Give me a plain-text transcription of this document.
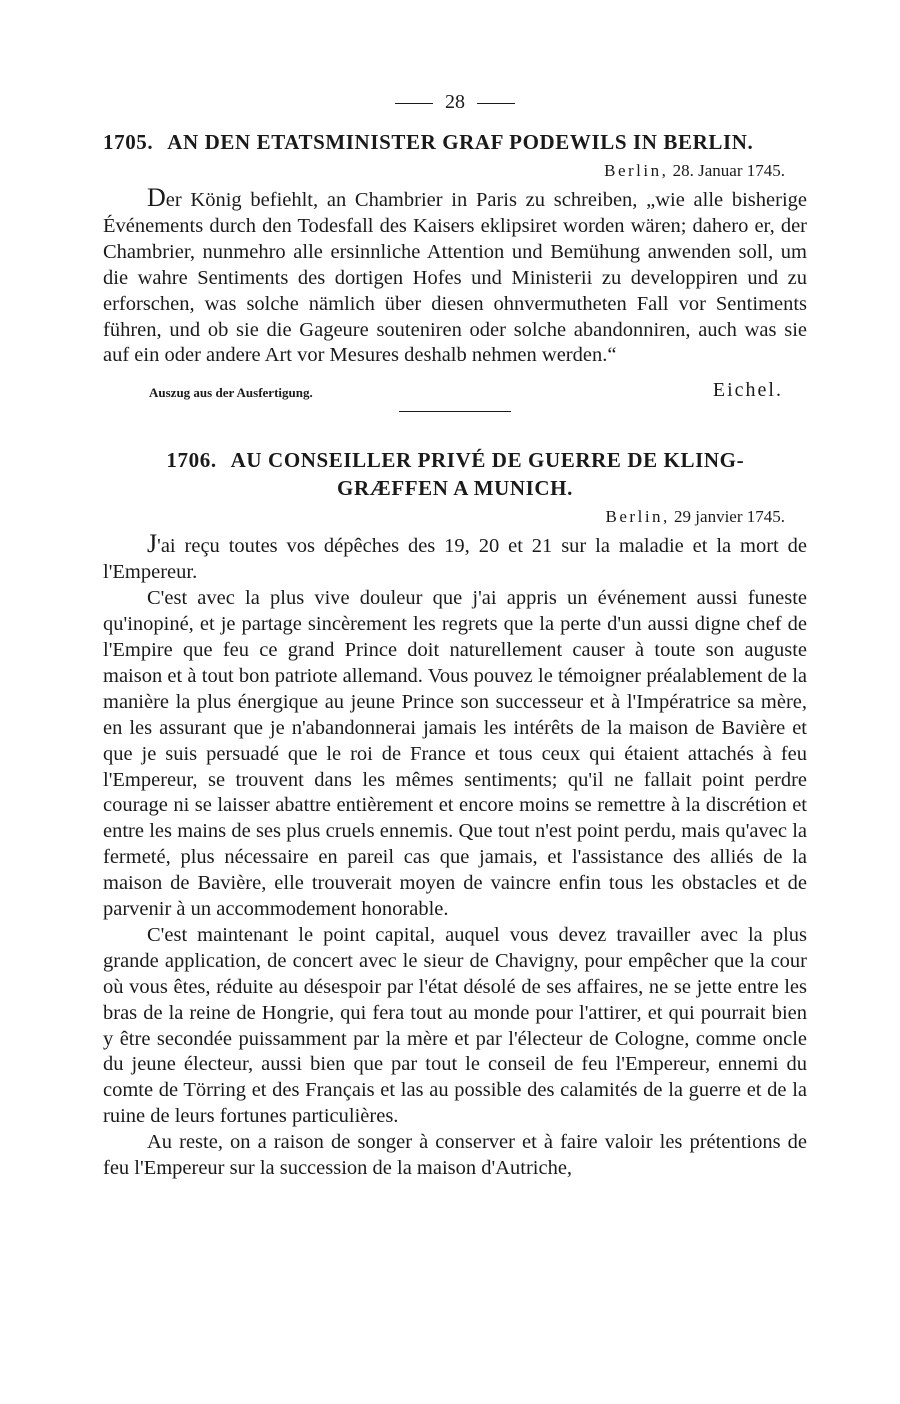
28
1705. AN DEN ETATSMINISTER GRAF PODEWILS IN BERLIN.
Berlin, 28. Januar 1745.

Der König befiehlt, an Chambrier in Paris zu schreiben, „wie alle bisherige Événements durch den Todesfall des Kaisers eklipsiret worden wären; dahero er, der Chambrier, nunmehro alle ersinnliche Attention und Bemühung anwenden soll, um die wahre Sentiments des dortigen Hofes und Ministerii zu developpiren und zu erforschen, was solche nämlich über diesen ohnvermutheten Fall vor Sentiments führen, und ob sie die Gageure souteniren oder solche abandonniren, auch was sie auf ein oder andere Art vor Mesures deshalb nehmen werden.“

Auszug aus der Ausfertigung.	Eichel.
1706. AU CONSEILLER PRIVÉ DE GUERRE DE KLINGGRÆFFEN A MUNICH.
Berlin, 29 janvier 1745.

J'ai reçu toutes vos dépêches des 19, 20 et 21 sur la maladie et la mort de l'Empereur.

C'est avec la plus vive douleur que j'ai appris un événement aussi funeste qu'inopiné, et je partage sincèrement les regrets que la perte d'un aussi digne chef de l'Empire que feu ce grand Prince doit naturellement causer à toute son auguste maison et à tout bon patriote allemand. Vous pouvez le témoigner préalablement de la manière la plus énergique au jeune Prince son successeur et à l'Impératrice sa mère, en les assurant que je n'abandonnerai jamais les intérêts de la maison de Bavière et que je suis persuadé que le roi de France et tous ceux qui étaient attachés à feu l'Empereur, se trouvent dans les mêmes sentiments; qu'il ne fallait point perdre courage ni se laisser abattre entièrement et encore moins se remettre à la discrétion et entre les mains de ses plus cruels ennemis. Que tout n'est point perdu, mais qu'avec la fermeté, plus nécessaire en pareil cas que jamais, et l'assistance des alliés de la maison de Bavière, elle trouverait moyen de vaincre enfin tous les obstacles et de parvenir à un accommodement honorable.

C'est maintenant le point capital, auquel vous devez travailler avec la plus grande application, de concert avec le sieur de Chavigny, pour empêcher que la cour où vous êtes, réduite au désespoir par l'état désolé de ses affaires, ne se jette entre les bras de la reine de Hongrie, qui fera tout au monde pour l'attirer, et qui pourrait bien y être secondée puissamment par la mère et par l'électeur de Cologne, comme oncle du jeune électeur, aussi bien que par tout le conseil de feu l'Empereur, ennemi du comte de Törring et des Français et las au possible des calamités de la guerre et de la ruine de leurs fortunes particulières.

Au reste, on a raison de songer à conserver et à faire valoir les prétentions de feu l'Empereur sur la succession de la maison d'Autriche,
